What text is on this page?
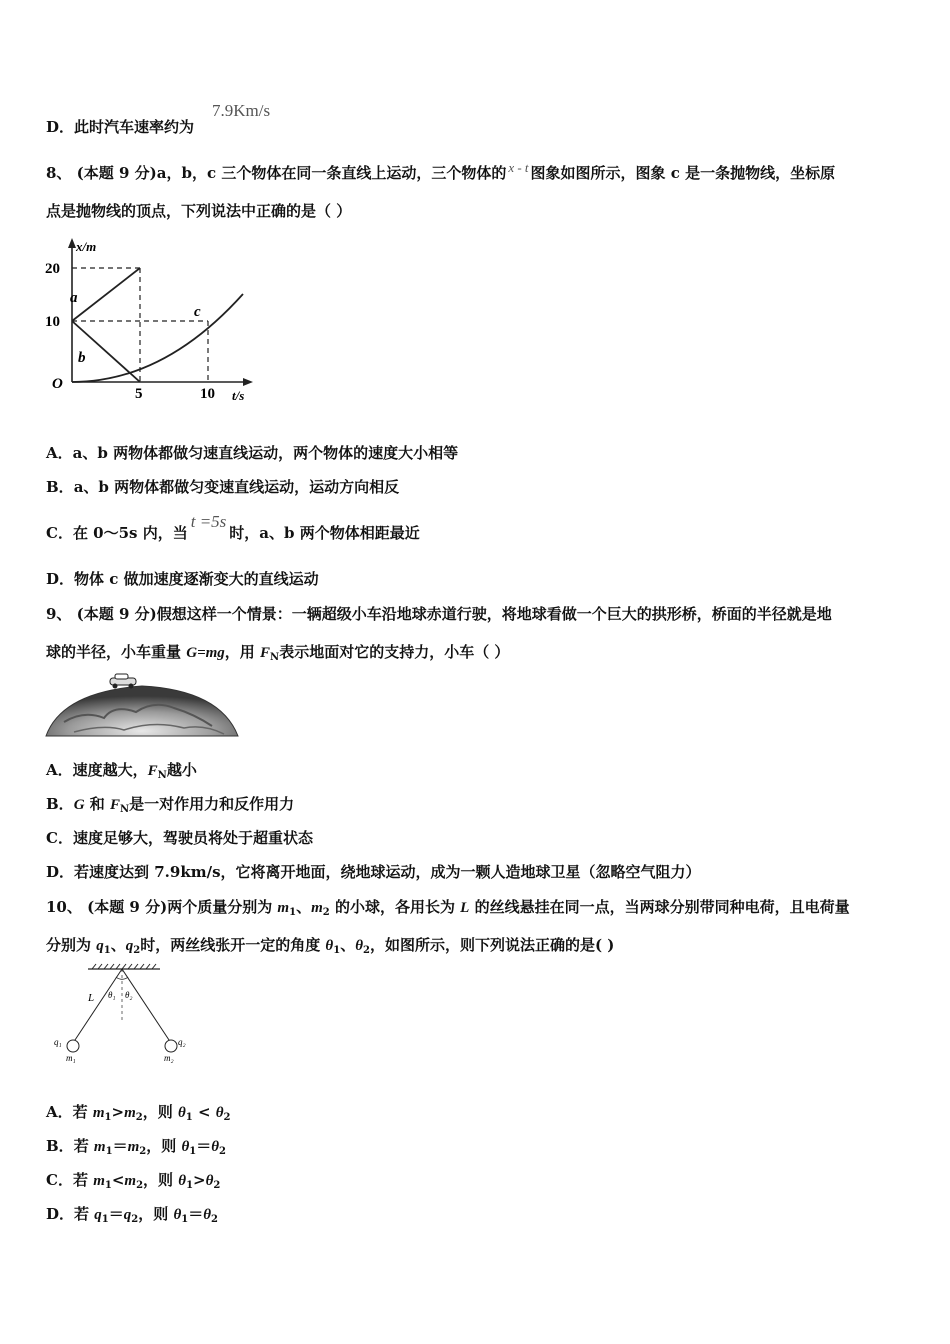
D．此时汽车速率约为
7.9Km/s
8、 (本题 9 分)a，b，c 三个物体在同一条直线上运动，三个物体的 x - t 图象如图所示，图象 c 是一条抛物线，坐标原
点是抛物线的顶点，下列说法中正确的是（ ）
x/m
20
10
O
5	10 t/s
a
b
c
A．a、b 两物体都做匀速直线运动，两个物体的速度大小相等
B．a、b 两物体都做匀变速直线运动，运动方向相反
C．在 0～5s 内，当t =5s时，a、b 两个物体相距最近
D．物体 c 做加速度逐渐变大的直线运动
9、 (本题 9 分)假想这样一个情景：一辆超级小车沿地球赤道行驶，将地球看做一个巨大的拱形桥，桥面的半径就是地
球的半径，小车重量 G=mg，用 $F_N$表示地面对它的支持力，小车（ ）
A．速度越大，$F_N$越小
B．G 和 $F_N$是一对作用力和反作用力
C．速度足够大，驾驶员将处于超重状态
D．若速度达到 7.9km/s，它将离开地面，绕地球运动，成为一颗人造地球卫星（忽略空气阻力）
10、 (本题 9 分)两个质量分别为 $m_1$、$m_2$ 的小球，各用长为 L 的丝线悬挂在同一点，当两球分别带同种电荷，且电荷量
分别为 $q_1$、$q_2$时，两丝线张开一定的角度 $\theta_1$、$\theta_2$，如图所示，则下列说法正确的是( )
L θ₁ θ₂
q₁	q₂
m₁	m₂
A．若 $m_1>m_2$，则 $\theta_1 < \theta_2$
B．若 $m_1=m_2$，则 $\theta_1=\theta_2$
C．若 $m_1<m_2$，则 $\theta_1>\theta_2$
D．若 $q_1=q_2$，则 $\theta_1=\theta_2$
